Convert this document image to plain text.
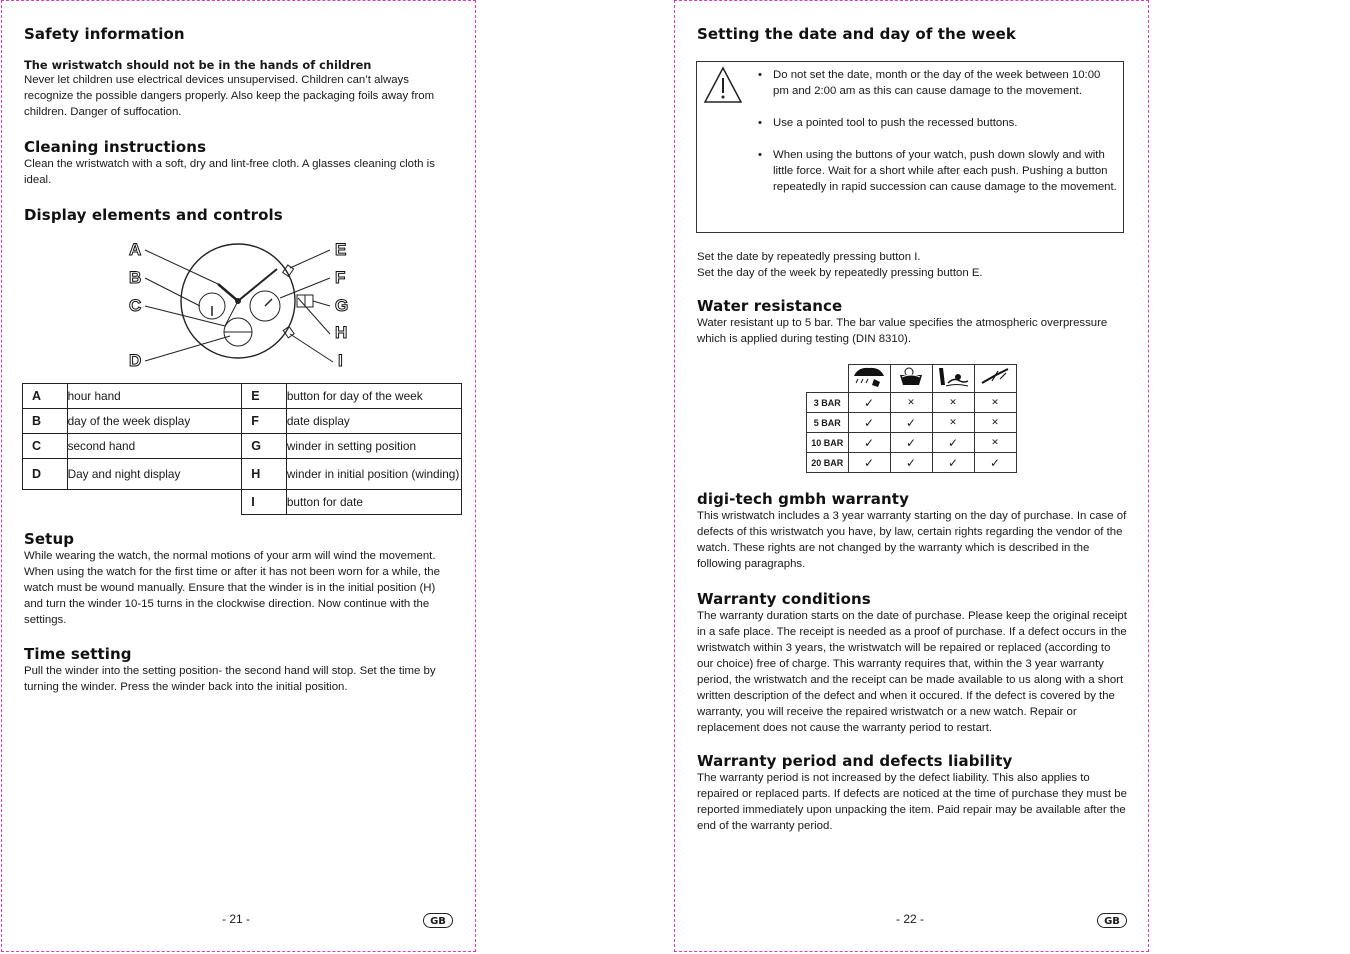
Safety information
The wristwatch should not be in the hands of children

Never let children use electrical devices unsupervised. Children can’t always recognize the possible dangers properly. Also keep the packaging foils away from children. Danger of suffocation.

Cleaning instructions

Clean the wristwatch with a soft, dry and lint-free cloth. A glasses cleaning cloth is ideal.

Display elements and controls
A
B
C
D
E
F
G
H
I
A	hour hand	E	button for day of the week
B	day of the week display	F	date display
C	second hand	G	winder in setting position
D	Day and night display	H	winder in initial position (winding)
		I	button for date
Setup

While wearing the watch, the normal motions of your arm will wind the movement. When using the watch for the first time or after it has not been worn for a while, the watch must be wound manually. Ensure that the winder is in the initial position (H) and turn the winder 10-15 turns in the clockwise direction. Now continue with the settings.

Time setting

Pull the winder into the setting position- the second hand will stop. Set the time by turning the winder. Press the winder back into the initial position.

- 21 -	GB
Setting the date and day of the week
• Do not set the date, month or the day of the week between 10:00 pm and 2:00 am as this can cause damage to the movement.
• Use a pointed tool to push the recessed buttons.
• When using the buttons of your watch, push down slowly and with little force. Wait for a short while after each push. Pushing a button repeatedly in rapid succession can cause damage to the movement.

Set the date by repeatedly pressing button I.

Set the day of the week by repeatedly pressing button E.

Water resistance

Water resistant up to 5 bar. The bar value specifies the atmospheric overpressure which is applied during testing (DIN 8310).

3 BAR	✓	✕	✕	✕
5 BAR	✓	✓	✕	✕
10 BAR	✓	✓	✓	✕
20 BAR	✓	✓	✓	✓
digi-tech gmbh warranty

This wristwatch includes a 3 year warranty starting on the day of purchase. In case of defects of this wristwatch you have, by law, certain rights regarding the vendor of the watch. These rights are not changed by the warranty which is described in the following paragraphs.

Warranty conditions

The warranty duration starts on the date of purchase. Please keep the original receipt in a safe place. The receipt is needed as a proof of purchase. If a defect occurs in the wristwatch within 3 years, the wristwatch will be repaired or replaced (according to our choice) free of charge. This warranty requires that, within the 3 year warranty period, the wristwatch and the receipt can be made available to us along with a short written description of the defect and when it occured. If the defect is covered by the warranty, you will receive the repaired wristwatch or a new watch. Repair or replacement does not cause the warranty period to restart.

Warranty period and defects liability

The warranty period is not increased by the defect liability. This also applies to repaired or replaced parts. If defects are noticed at the time of purchase they must be reported immediately upon unpacking the item. Paid repair may be available after the end of the warranty period.

- 22 -	GB
